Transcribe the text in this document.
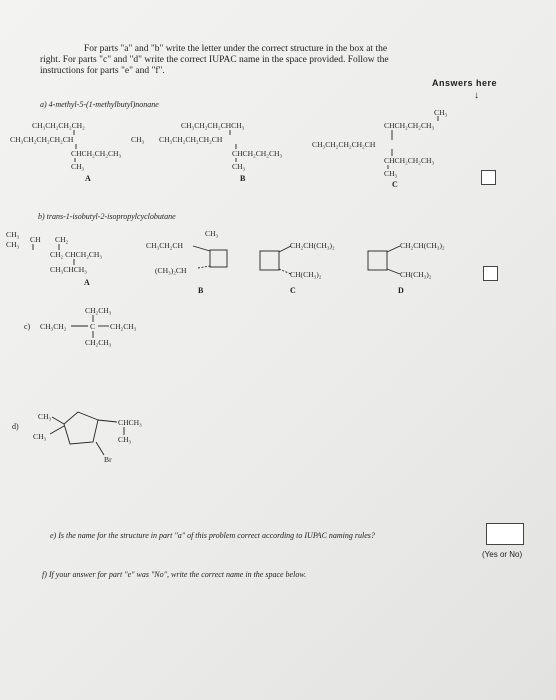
For parts "a" and "b" write the letter under the correct structure in the box at the
right. For parts "c" and "d" write the correct IUPAC name in the space provided. Follow the
instructions for parts "e" and "f".
Answers here
↓
a) 4-methyl-5-(1-methylbutyl)nonane
CH₃CH₂CH₂CH₂
CH₃CH₂CH₂CH₂CH	CH₃
CHCH₂CH₂CH₃
CH₃
A
CH₃CH₂CH₂CHCH₃
CH₃CH₂CH₂CH₂CH
CHCH₂CH₂CH₃
CH₃
B
CH₃
CHCH₂CH₂CH₃
CH₃CH₂CH₂CH₂CH
CHCH₂CH₂CH₃
CH₃
C
b) trans-1-isobutyl-2-isopropylcyclobutane
CH₃
CH₃
CH CH₂
CH₂ CHCH₂CH₃
CH₃CHCH₃
A
CH₃
CH₃CH₂CH
(CH₃)₂CH
B
CH₂CH(CH₃)₂
CH(CH₃)₂
C
CH₂CH(CH₃)₂
CH(CH₃)₂
D
CH₂CH₃
c) CH₃CH₂	C CH₂CH₃
CH₂CH₃
d)
CH₃
CH₃
CHCH₃
CH₃
Br
e) Is the name for the structure in part "a" of this problem correct according to IUPAC naming rules?
(Yes or No)
f) If your answer for part "e" was "No", write the correct name in the space below.
